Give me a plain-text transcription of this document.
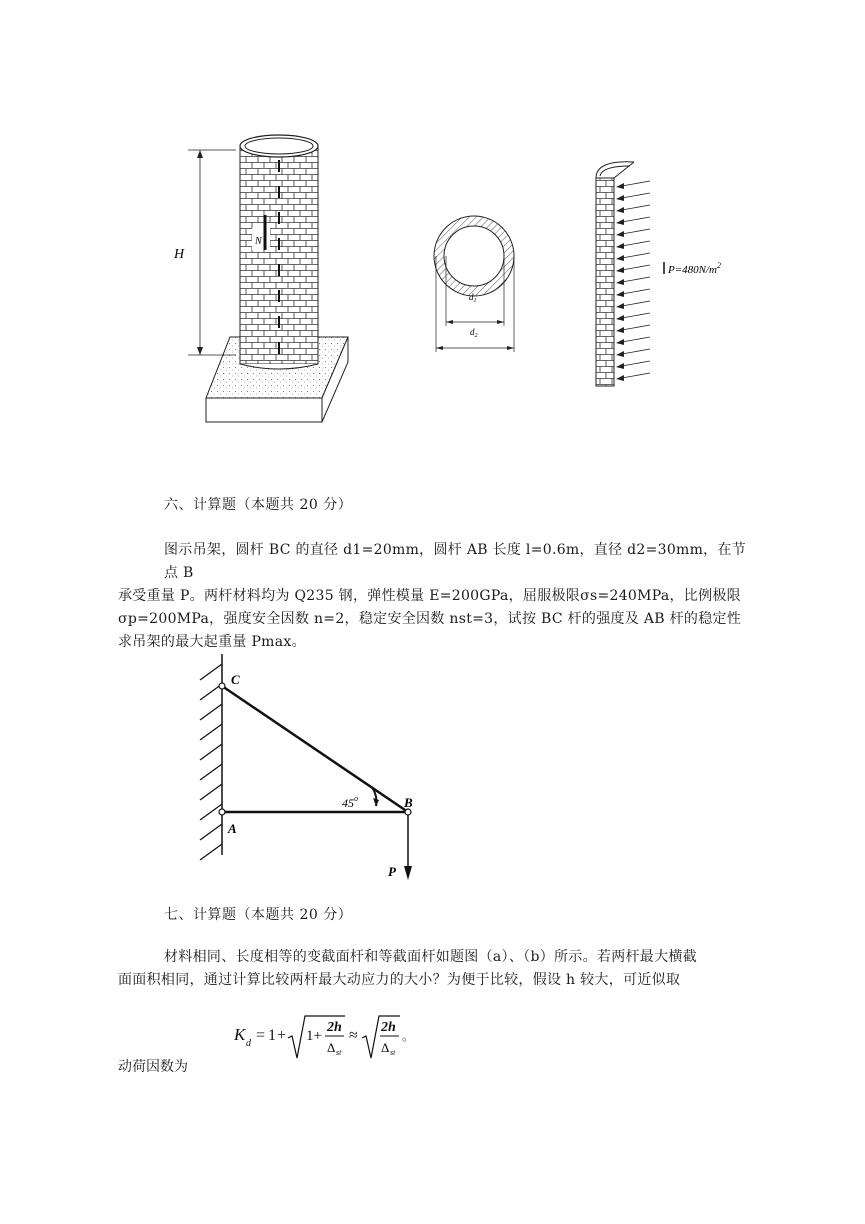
H
N
$d_1$
$d_2$
$P=480N/m^2$
六、计算题（本题共 20 分）
图示吊架，圆杆 BC 的直径 d1=20mm，圆杆 AB 长度 l=0.6m，直径 d2=30mm，在节点 B
承受重量 P。两杆材料均为 Q235 钢，弹性模量 E=200GPa，屈服极限σs=240MPa，比例极限
σp=200MPa，强度安全因数 n=2，稳定安全因数 nst=3，试按 BC 杆的强度及 AB 杆的稳定性
求吊架的最大起重量 Pmax。
C
B
A
P
45$^o$
七、计算题（本题共 20 分）
材料相同、长度相等的变截面杆和等截面杆如题图（a）、（b）所示。若两杆最大横截
面面积相同，通过计算比较两杆最大动应力的大小？为便于比较，假设 h 较大，可近似取
K d = 1 + 1+
2h
Δ st
≈ 2h
Δ st
。
动荷因数为
